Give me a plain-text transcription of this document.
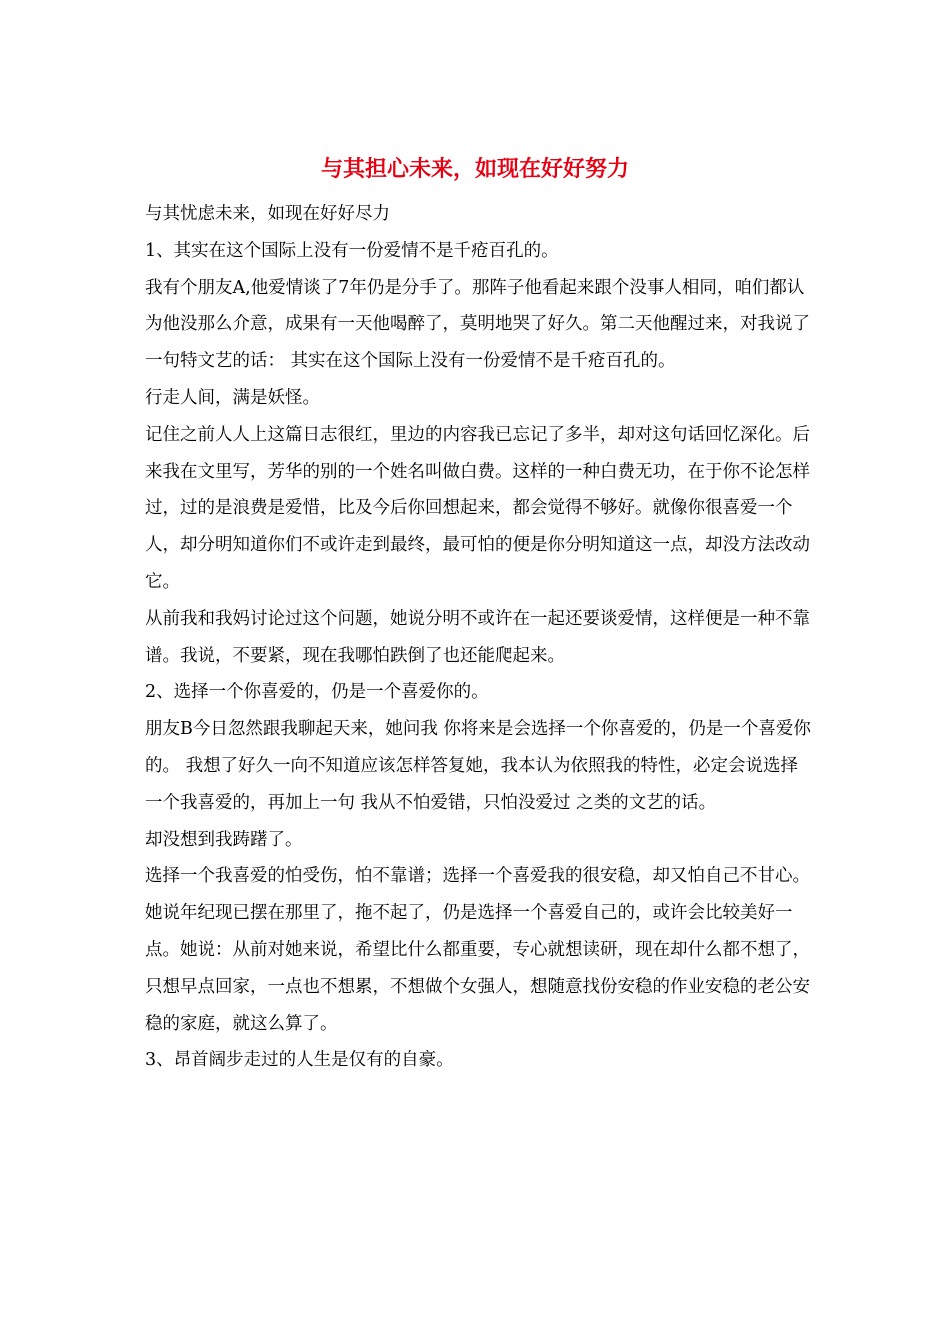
与其担心未来，如现在好好努力

与其忧虑未来，如现在好好尽力

1、其实在这个国际上没有一份爱情不是千疮百孔的。

我有个朋友A,他爱情谈了7年仍是分手了。那阵子他看起来跟个没事人相同，咱们都认为他没那么介意，成果有一天他喝醉了，莫明地哭了好久。第二天他醒过来，对我说了一句特文艺的话： 其实在这个国际上没有一份爱情不是千疮百孔的。

行走人间，满是妖怪。

记住之前人人上这篇日志很红，里边的内容我已忘记了多半，却对这句话回忆深化。后来我在文里写，芳华的别的一个姓名叫做白费。这样的一种白费无功，在于你不论怎样过，过的是浪费是爱惜，比及今后你回想起来，都会觉得不够好。就像你很喜爱一个人，却分明知道你们不或许走到最终，最可怕的便是你分明知道这一点，却没方法改动它。

从前我和我妈讨论过这个问题，她说分明不或许在一起还要谈爱情，这样便是一种不靠谱。我说，不要紧，现在我哪怕跌倒了也还能爬起来。

2、选择一个你喜爱的，仍是一个喜爱你的。

朋友B今日忽然跟我聊起天来，她问我 你将来是会选择一个你喜爱的，仍是一个喜爱你的。 我想了好久一向不知道应该怎样答复她，我本认为依照我的特性，必定会说选择一个我喜爱的，再加上一句 我从不怕爱错，只怕没爱过 之类的文艺的话。

却没想到我踌躇了。

选择一个我喜爱的怕受伤，怕不靠谱；选择一个喜爱我的很安稳，却又怕自己不甘心。

她说年纪现已摆在那里了，拖不起了，仍是选择一个喜爱自己的，或许会比较美好一点。她说：从前对她来说，希望比什么都重要，专心就想读研，现在却什么都不想了，只想早点回家，一点也不想累，不想做个女强人，想随意找份安稳的作业安稳的老公安稳的家庭，就这么算了。

3、昂首阔步走过的人生是仅有的自豪。
